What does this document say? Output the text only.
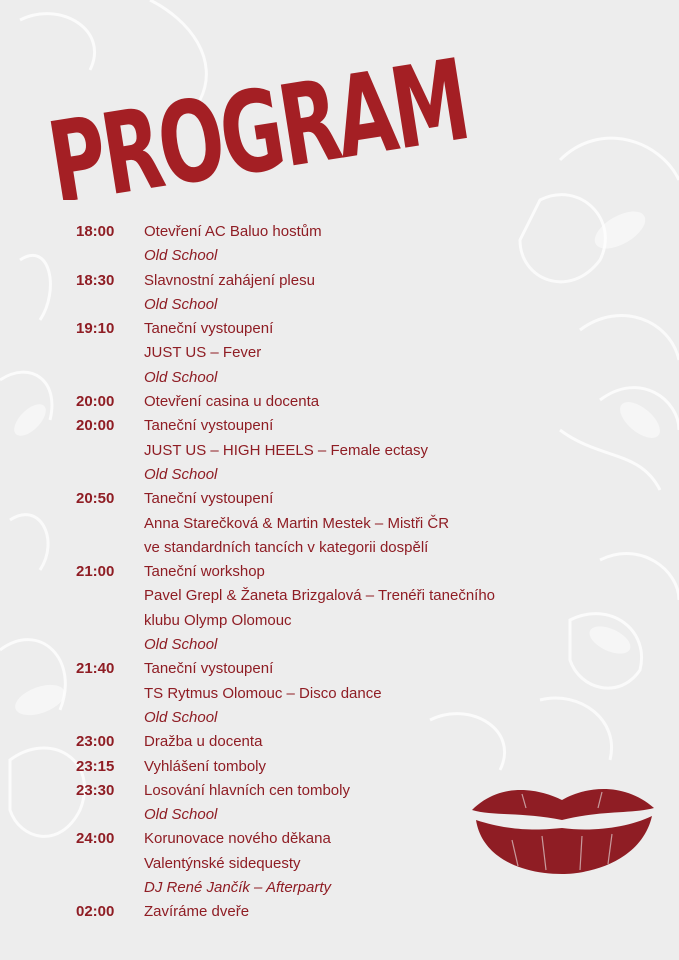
PROGRAM
18:00	Otevření AC Baluo hostům
Old School
18:30	Slavnostní zahájení plesu
Old School
19:10	Taneční vystoupení
JUST US – Fever
Old School
20:00	Otevření casina u docenta
20:00	Taneční vystoupení
JUST US – HIGH HEELS – Female ectasy
Old School
20:50	Taneční vystoupení
Anna Starečková & Martin Mestek – Mistři ČR
ve standardních tancích v kategorii dospělí
21:00	Taneční workshop
Pavel Grepl & Žaneta Brizgalová – Trenéři tanečního
klubu Olymp Olomouc
Old School
21:40	Taneční vystoupení
TS Rytmus Olomouc – Disco dance
Old School
23:00	Dražba u docenta
23:15	Vyhlášení tomboly
23:30	Losování hlavních cen tomboly
Old School
24:00	Korunovace nového děkana
Valentýnské sidequesty
DJ René Jančík – Afterparty
02:00	Zavíráme dveře
